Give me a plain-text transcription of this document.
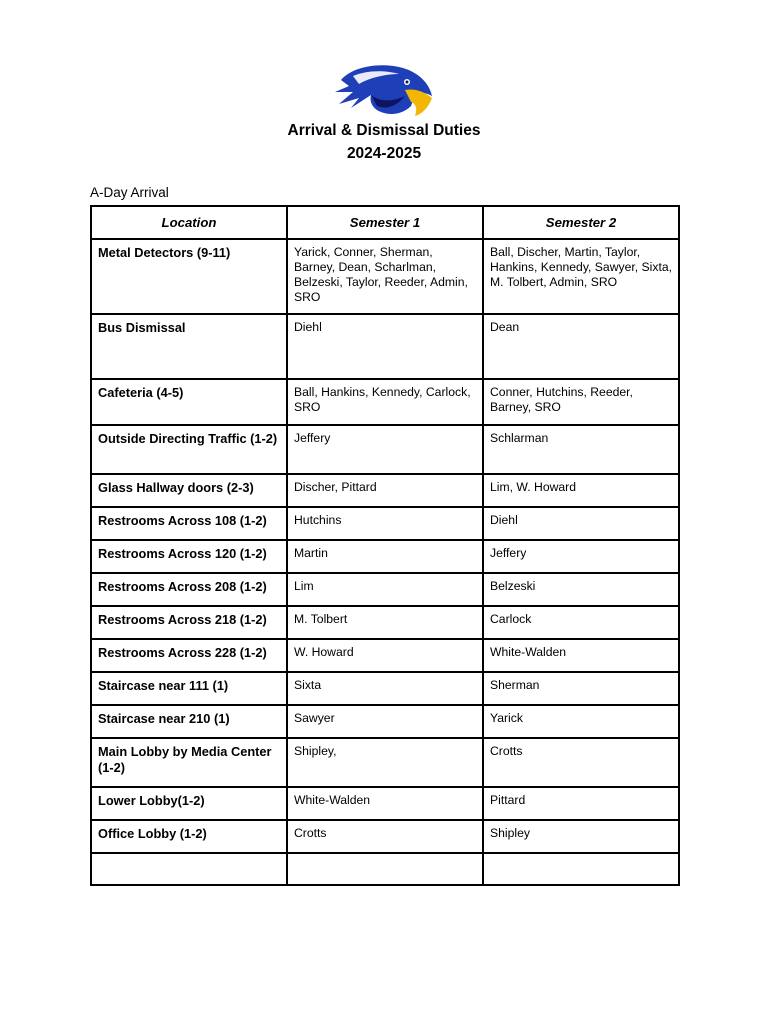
Arrival & Dismissal Duties
2024-2025
A-Day Arrival
Location	Semester 1	Semester 2
Metal Detectors (9-11)	Yarick, Conner, Sherman, Barney, Dean, Scharlman, Belzeski, Taylor, Reeder, Admin, SRO	Ball, Discher, Martin, Taylor, Hankins, Kennedy, Sawyer, Sixta, M. Tolbert, Admin, SRO
Bus Dismissal	Diehl	Dean
Cafeteria (4-5)	Ball, Hankins, Kennedy, Carlock, SRO	Conner, Hutchins, Reeder, Barney, SRO
Outside Directing Traffic (1-2)	Jeffery	Schlarman
Glass Hallway doors (2-3)	Discher, Pittard	Lim, W. Howard
Restrooms Across 108 (1-2)	Hutchins	Diehl
Restrooms Across 120 (1-2)	Martin	Jeffery
Restrooms Across 208 (1-2)	Lim	Belzeski
Restrooms Across 218 (1-2)	M. Tolbert	Carlock
Restrooms Across 228 (1-2)	W. Howard	White-Walden
Staircase near 111 (1)	Sixta	Sherman
Staircase near 210 (1)	Sawyer	Yarick
Main Lobby by Media Center (1-2)	Shipley,	Crotts
Lower Lobby(1-2)	White-Walden	Pittard
Office Lobby (1-2)	Crotts	Shipley
